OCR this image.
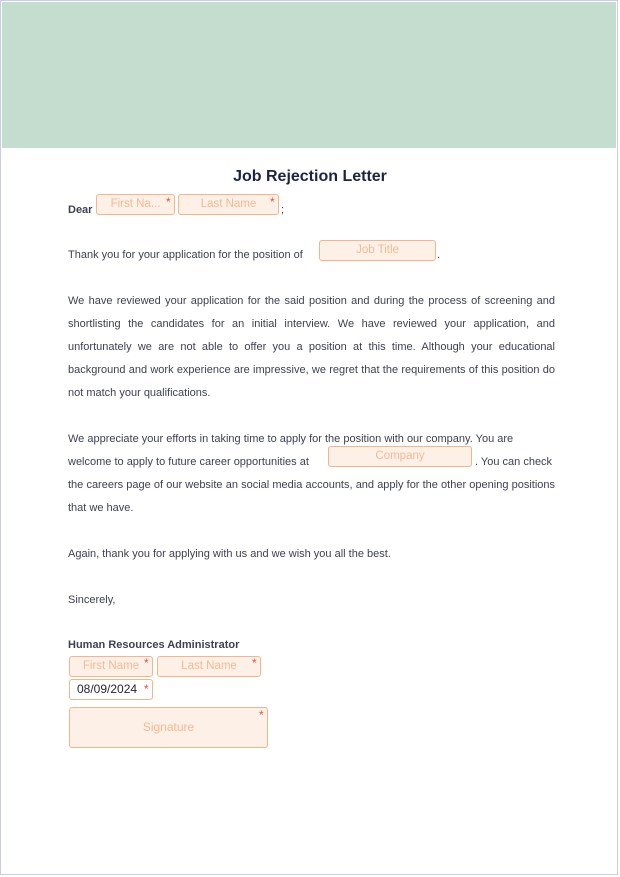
Job Rejection Letter
Dear	First Na... *	Last Name	*
;
Thank you for your application for the position of	Job Title	.
We have reviewed your application for the said position and during the process of screening and shortlisting the candidates for an initial interview. We have reviewed your application, and unfortunately we are not able to offer you a position at this time. Although your educational background and work experience are impressive, we regret that the requirements of this position do not match your qualifications.
We appreciate your efforts in taking time to apply for the position with our company. You are
welcome to apply to future career opportunities at	Company	. You can check
the careers page of our website an social media accounts, and apply for the other opening positions that we have.
Again, thank you for applying with us and we wish you all the best.
Sincerely,
Human Resources Administrator
First Name *	Last Name	*
08/09/2024 *
Signature
*
